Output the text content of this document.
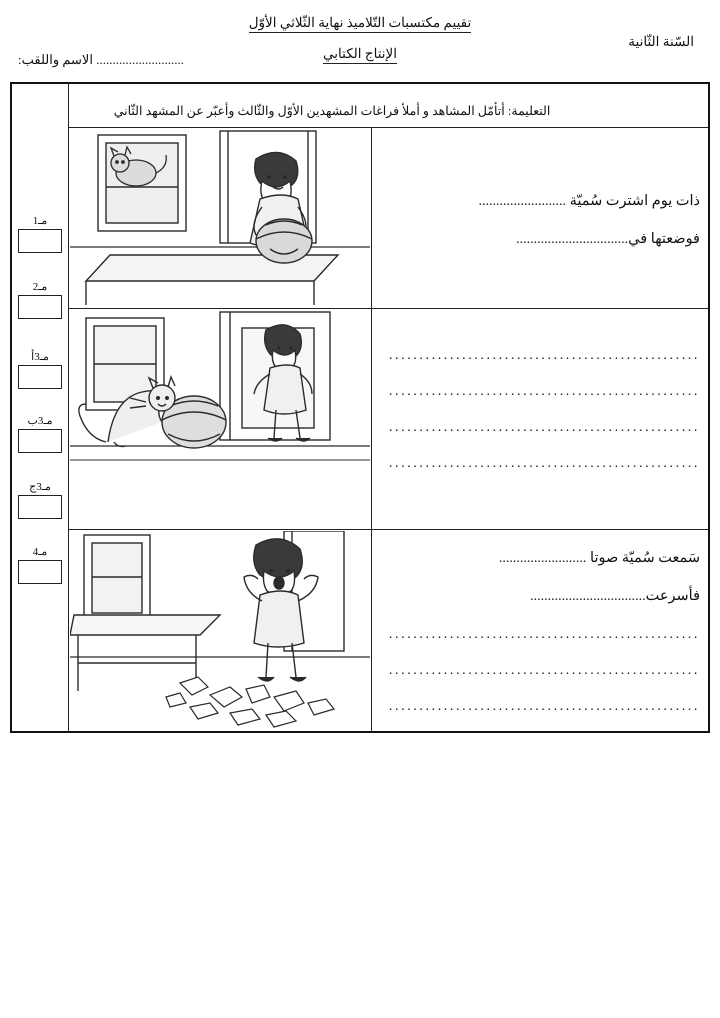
السّنة الثّانية
تقييم مكتسبات التّلاميذ نهاية الثّلاثي الأوّل
الإنتاج الكتابي
........................... الاسم واللقب:
التعليمة: أتأمّل المشاهد و أملأ فراغات المشهدين الأوّل والثّالث وأعبّر عن المشهد الثّاني
مـ1
مـ2
مـ3أ
مـ3ب
مـ3ج
مـ4
ذات يوم اشترت سُميّة .........................
فوضعتها في................................
...................................................
...................................................
...................................................
...................................................
سَمعت سُميّة صوتا .........................
فأسرعت.................................
...................................................
...................................................
...................................................
